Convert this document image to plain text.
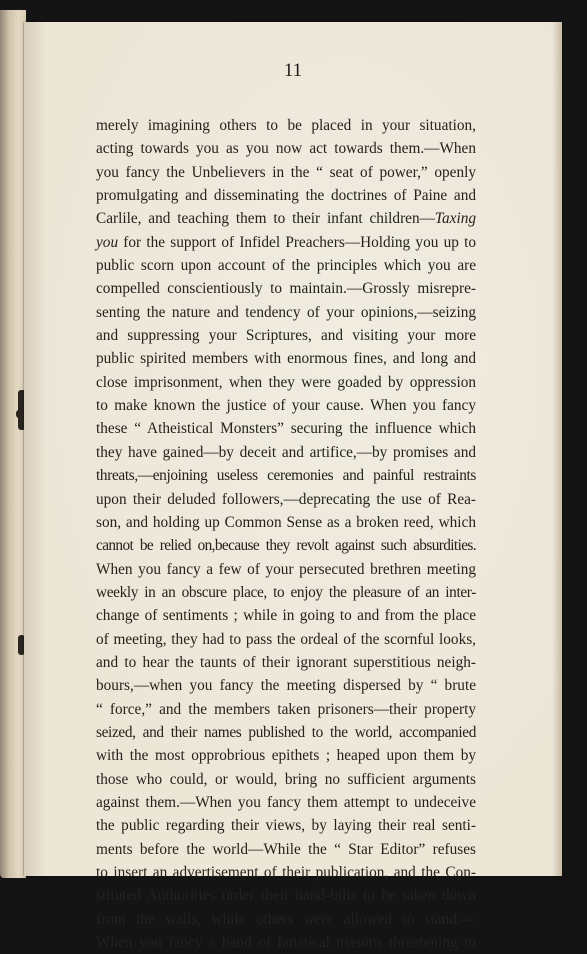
11

merely imagining others to be placed in your situation,
acting towards you as you now act towards them.—When
you fancy the Unbelievers in the “ seat of power,” openly
promulgating and disseminating the doctrines of Paine and
Carlile, and teaching them to their infant children—Taxing
you for the support of Infidel Preachers—Holding you up to
public scorn upon account of the principles which you are
compelled conscientiously to maintain.—Grossly misrepre-
senting the nature and tendency of your opinions,—seizing
and suppressing your Scriptures, and visiting your more
public spirited members with enormous fines, and long and
close imprisonment, when they were goaded by oppression
to make known the justice of your cause. When you fancy
these “ Atheistical Monsters” securing the influence which
they have gained—by deceit and artifice,—by promises and
threats,—enjoining useless ceremonies and painful restraints
upon their deluded followers,—deprecating the use of Rea-
son, and holding up Common Sense as a broken reed, which
cannot be relied on,because they revolt against such absurdities.
When you fancy a few of your persecuted brethren meeting
weekly in an obscure place, to enjoy the pleasure of an inter-
change of sentiments ; while in going to and from the place
of meeting, they had to pass the ordeal of the scornful looks,
and to hear the taunts of their ignorant superstitious neigh-
bours,—when you fancy the meeting dispersed by “ brute
“ force,” and the members taken prisoners—their property
seized, and their names published to the world, accompanied
with the most opprobrious epithets ; heaped upon them by
those who could, or would, bring no sufficient arguments
against them.—When you fancy them attempt to undeceive
the public regarding their views, by laying their real senti-
ments before the world—While the “ Star Editor” refuses
to insert an advertisement of their publication, and the Con-
stituted Authorities order their hand-bills to be taken down
from the walls, while others were allowed to stand.—
When you fancy a band of fanatical masons threatening to
